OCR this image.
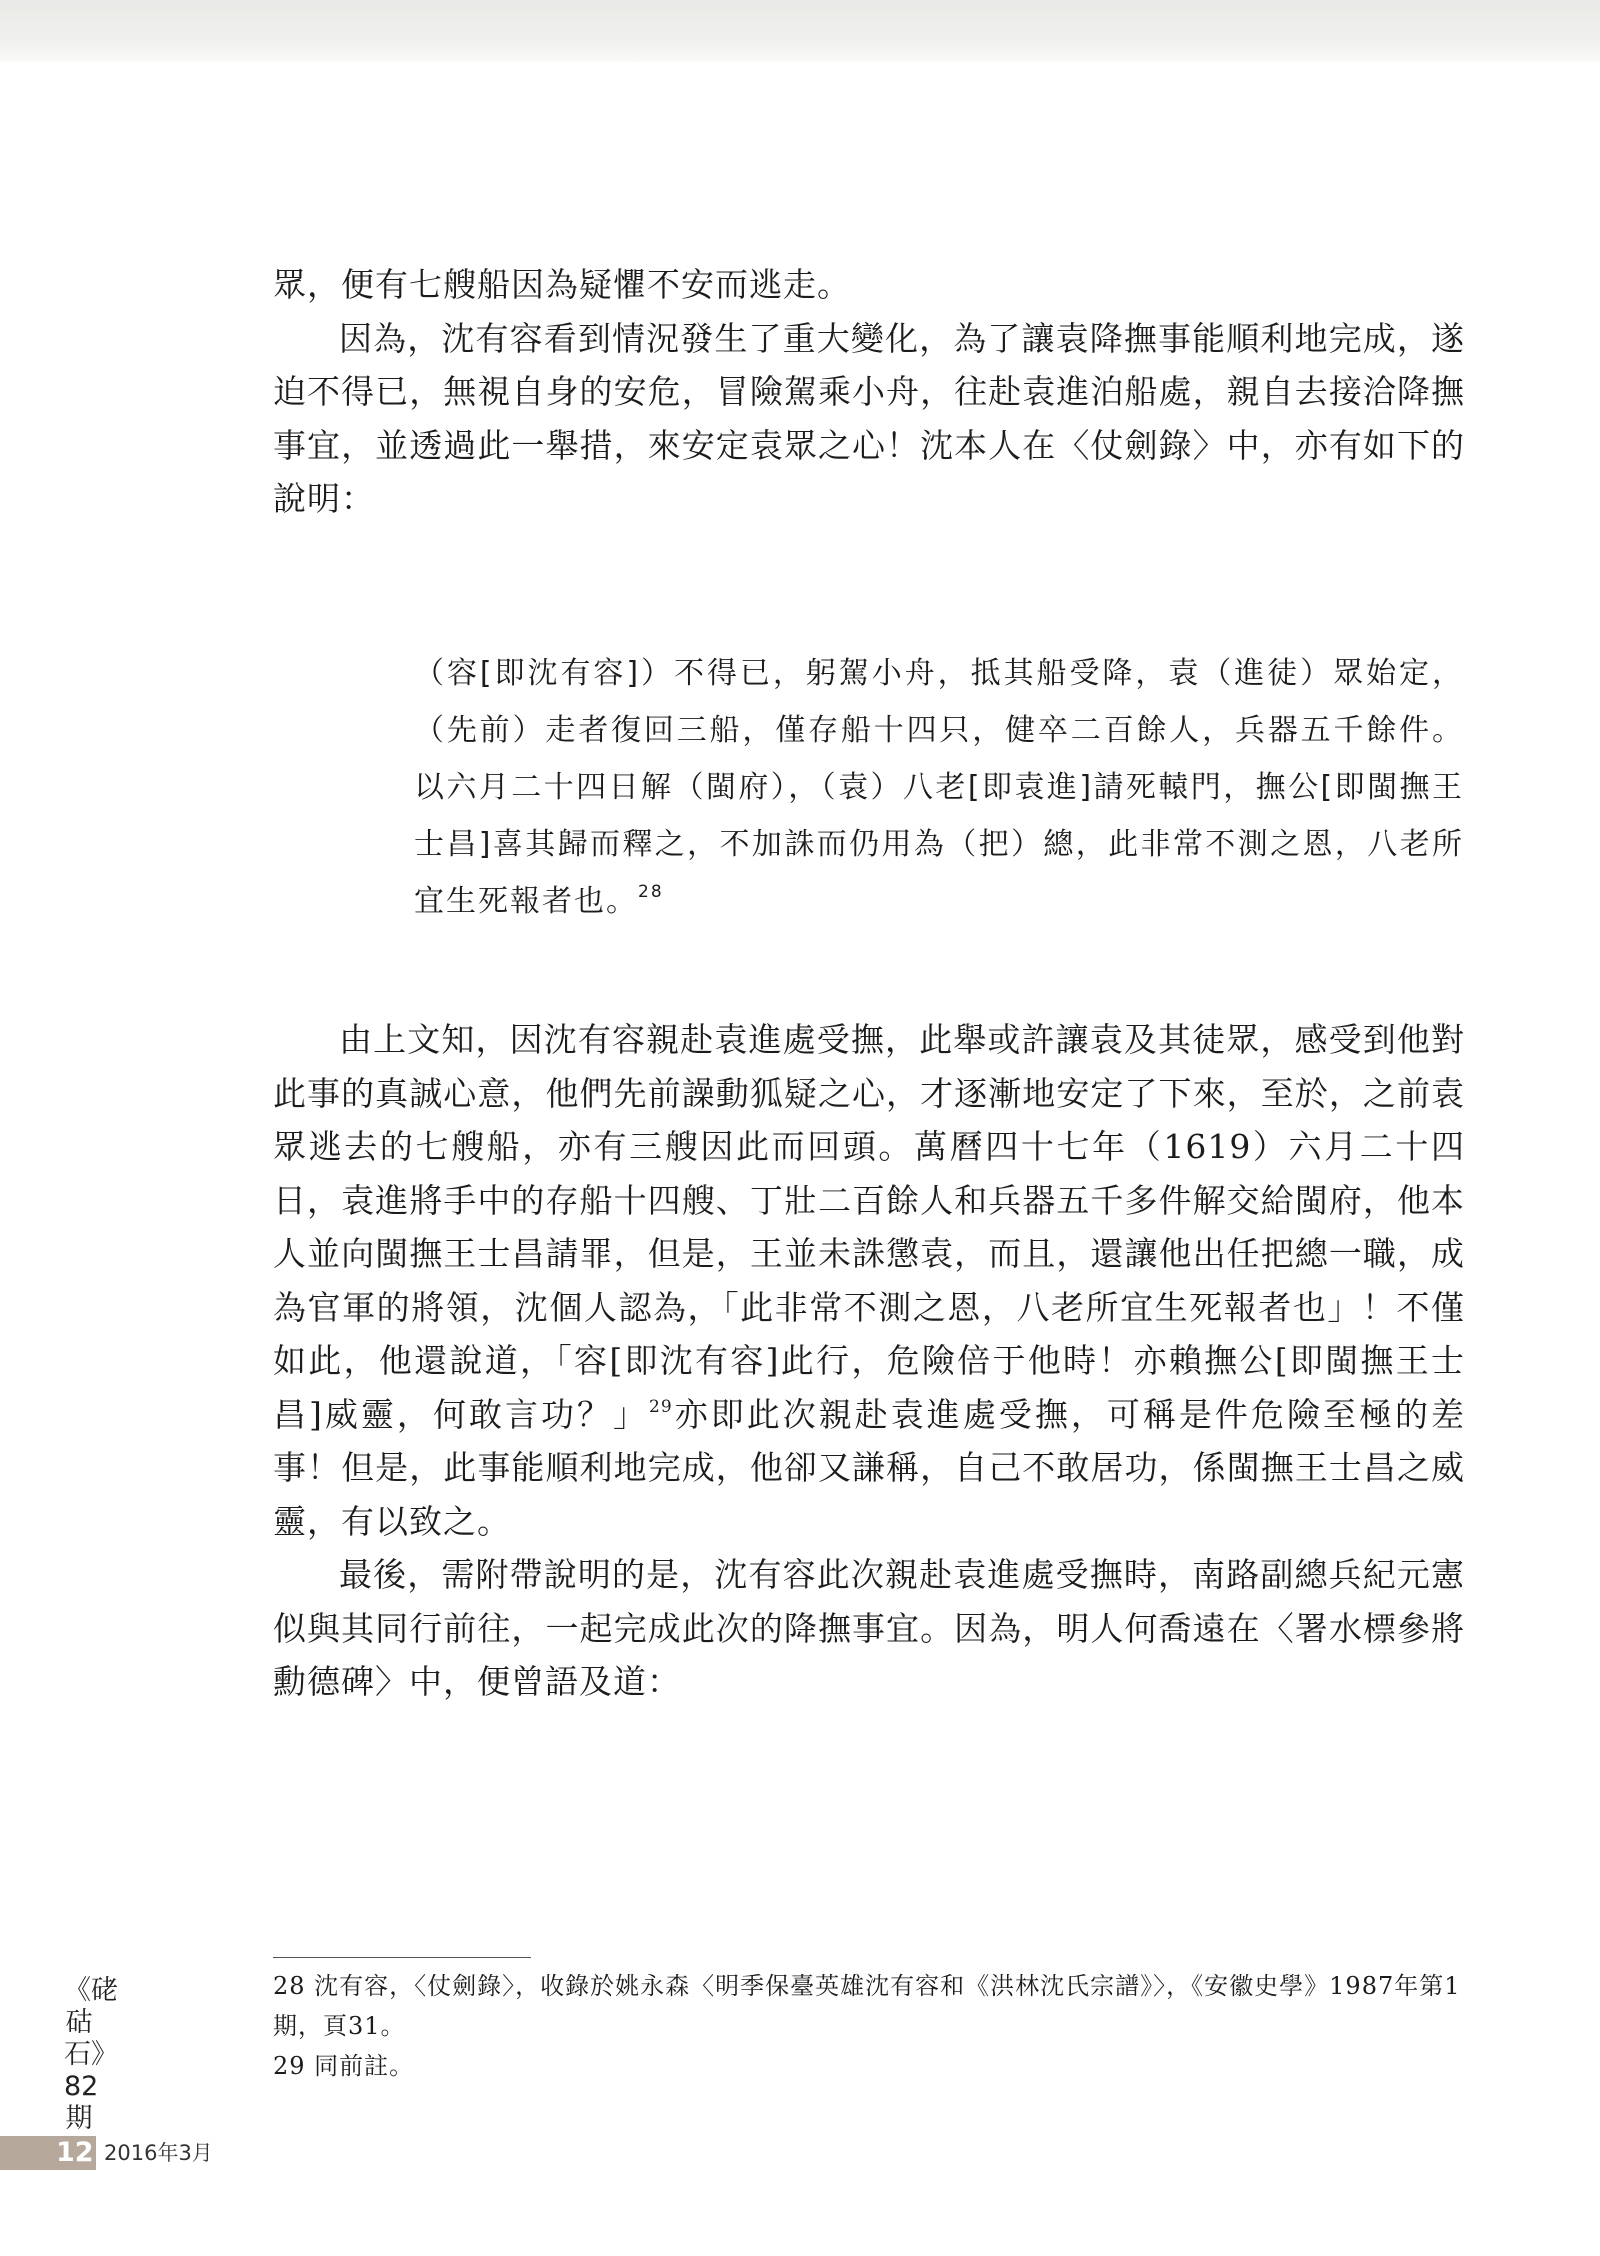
眾，便有七艘船因為疑懼不安而逃走。

因為，沈有容看到情況發生了重大變化，為了讓袁降撫事能順利地完成，遂迫不得已，無視自身的安危，冒險駕乘小舟，往赴袁進泊船處，親自去接洽降撫事宜，並透過此一舉措，來安定袁眾之心！沈本人在〈仗劍錄〉中，亦有如下的說明：

（容[即沈有容]）不得已，躬駕小舟，抵其船受降，袁（進徒）眾始定，（先前）走者復回三船，僅存船十四只，健卒二百餘人，兵器五千餘件。以六月二十四日解（閩府），（袁）八老[即袁進]請死轅門，撫公[即閩撫王士昌]喜其歸而釋之，不加誅而仍用為（把）總，此非常不測之恩，八老所宜生死報者也。$^{28}$

由上文知，因沈有容親赴袁進處受撫，此舉或許讓袁及其徒眾，感受到他對此事的真誠心意，他們先前譟動狐疑之心，才逐漸地安定了下來，至於，之前袁眾逃去的七艘船，亦有三艘因此而回頭。萬曆四十七年（1619）六月二十四日，袁進將手中的存船十四艘、丁壯二百餘人和兵器五千多件解交給閩府，他本人並向閩撫王士昌請罪，但是，王並未誅懲袁，而且，還讓他出任把總一職，成為官軍的將領，沈個人認為，「此非常不測之恩，八老所宜生死報者也」！不僅如此，他還說道，「容[即沈有容]此行，危險倍于他時！亦賴撫公[即閩撫王士昌]威靈，何敢言功？」$^{29}$亦即此次親赴袁進處受撫，可稱是件危險至極的差事！但是，此事能順利地完成，他卻又謙稱，自己不敢居功，係閩撫王士昌之威靈，有以致之。

最後，需附帶說明的是，沈有容此次親赴袁進處受撫時，南路副總兵紀元憲似與其同行前往，一起完成此次的降撫事宜。因為，明人何喬遠在〈署水標參將勳德碑〉中，便曾語及道：

28 沈有容，〈仗劍錄〉，收錄於姚永森〈明季保臺英雄沈有容和《洪林沈氏宗譜》〉，《安徽史學》1987年第1期，頁31。

29 同前註。

《硓𥑮石》
82
期
12 2016年3月
